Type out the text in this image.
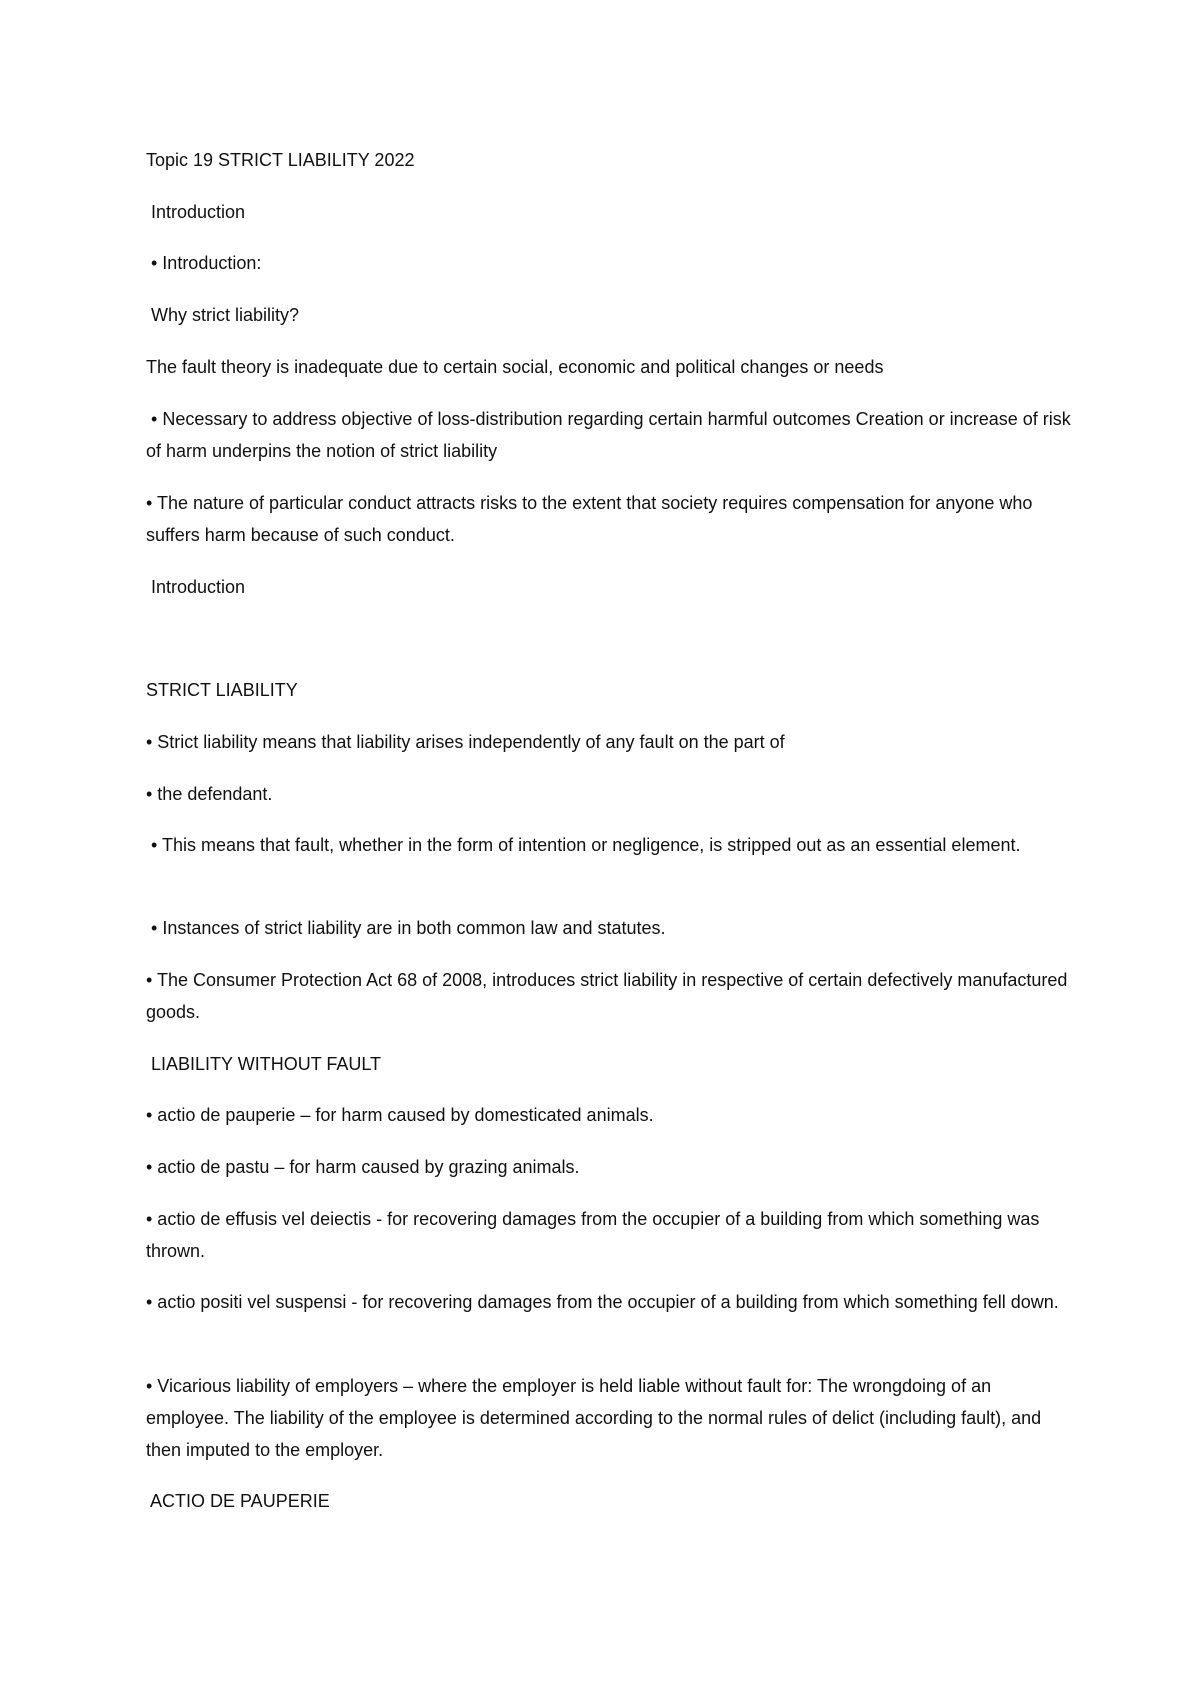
Topic 19 STRICT LIABILITY 2022

Introduction

• Introduction:

Why strict liability?

The fault theory is inadequate due to certain social, economic and political changes or needs

• Necessary to address objective of loss-distribution regarding certain harmful outcomes Creation or increase of risk of harm underpins the notion of strict liability

• The nature of particular conduct attracts risks to the extent that society requires compensation for anyone who suffers harm because of such conduct.

Introduction

STRICT LIABILITY

• Strict liability means that liability arises independently of any fault on the part of

• the defendant.

• This means that fault, whether in the form of intention or negligence, is stripped out as an essential element.

• Instances of strict liability are in both common law and statutes.

• The Consumer Protection Act 68 of 2008, introduces strict liability in respective of certain defectively manufactured goods.

LIABILITY WITHOUT FAULT

• actio de pauperie – for harm caused by domesticated animals.

• actio de pastu – for harm caused by grazing animals.

• actio de effusis vel deiectis - for recovering damages from the occupier of a building from which something was thrown.

• actio positi vel suspensi - for recovering damages from the occupier of a building from which something fell down.

• Vicarious liability of employers – where the employer is held liable without fault for: The wrongdoing of an employee. The liability of the employee is determined according to the normal rules of delict (including fault), and then imputed to the employer.

ACTIO DE PAUPERIE
